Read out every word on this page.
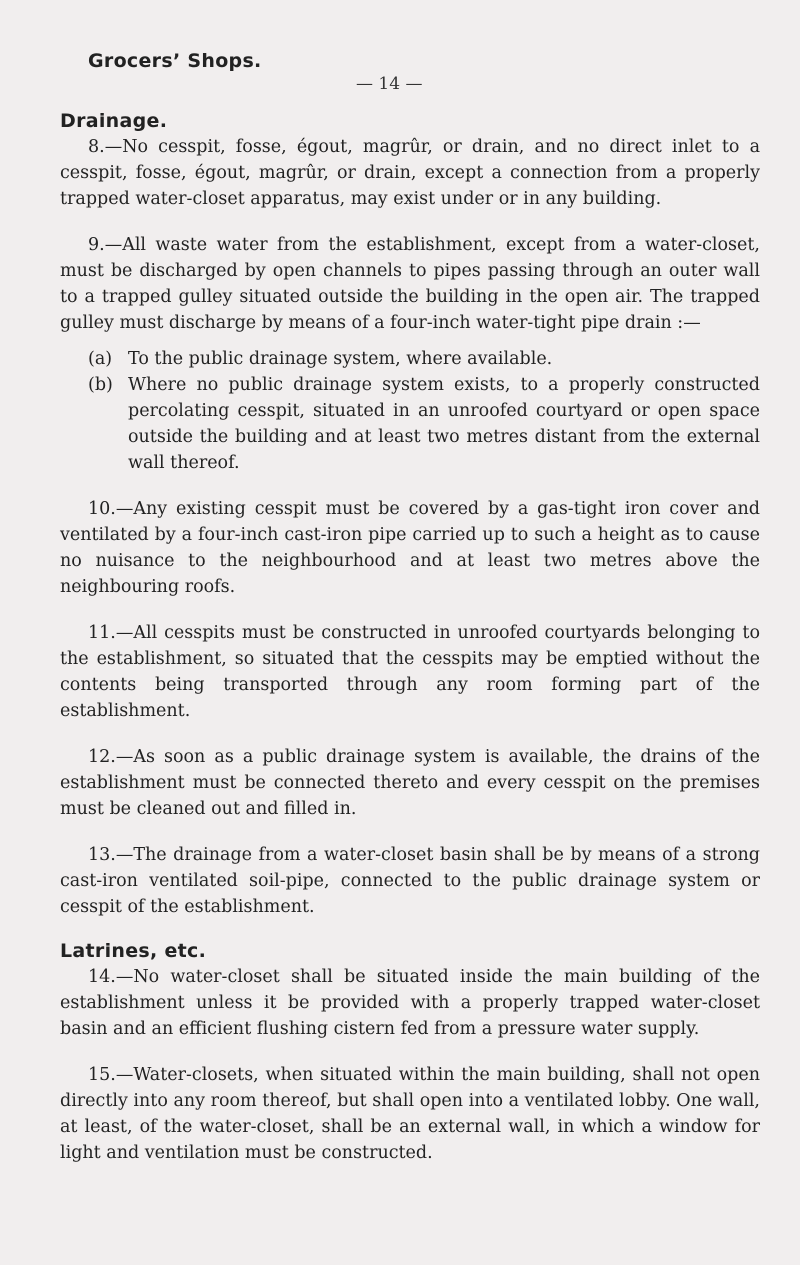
Grocers’ Shops.
— 14 —
Drainage.

8.—No cesspit, fosse, égout, magrûr, or drain, and no direct inlet to a cesspit, fosse, égout, magrûr, or drain, except a connection from a properly trapped water-closet apparatus, may exist under or in any building.

9.—All waste water from the establishment, except from a water-closet, must be discharged by open channels to pipes passing through an outer wall to a trapped gulley situated outside the building in the open air. The trapped gulley must discharge by means of a four-inch water-tight pipe drain :—

(a) To the public drainage system, where available.
(b) Where no public drainage system exists, to a properly constructed percolating cesspit, situated in an unroofed courtyard or open space outside the building and at least two metres distant from the external wall thereof.

10.—Any existing cesspit must be covered by a gas-tight iron cover and ventilated by a four-inch cast-iron pipe carried up to such a height as to cause no nuisance to the neighbourhood and at least two metres above the neighbouring roofs.

11.—All cesspits must be constructed in unroofed courtyards belonging to the establishment, so situated that the cesspits may be emptied without the contents being transported through any room forming part of the establishment.

12.—As soon as a public drainage system is available, the drains of the establishment must be connected thereto and every cesspit on the premises must be cleaned out and filled in.

13.—The drainage from a water-closet basin shall be by means of a strong cast-iron ventilated soil-pipe, connected to the public drainage system or cesspit of the establishment.

Latrines, etc.

14.—No water-closet shall be situated inside the main building of the establishment unless it be provided with a properly trapped water-closet basin and an efficient flushing cistern fed from a pressure water supply.

15.—Water-closets, when situated within the main building, shall not open directly into any room thereof, but shall open into a ventilated lobby. One wall, at least, of the water-closet, shall be an external wall, in which a window for light and ventilation must be constructed.
